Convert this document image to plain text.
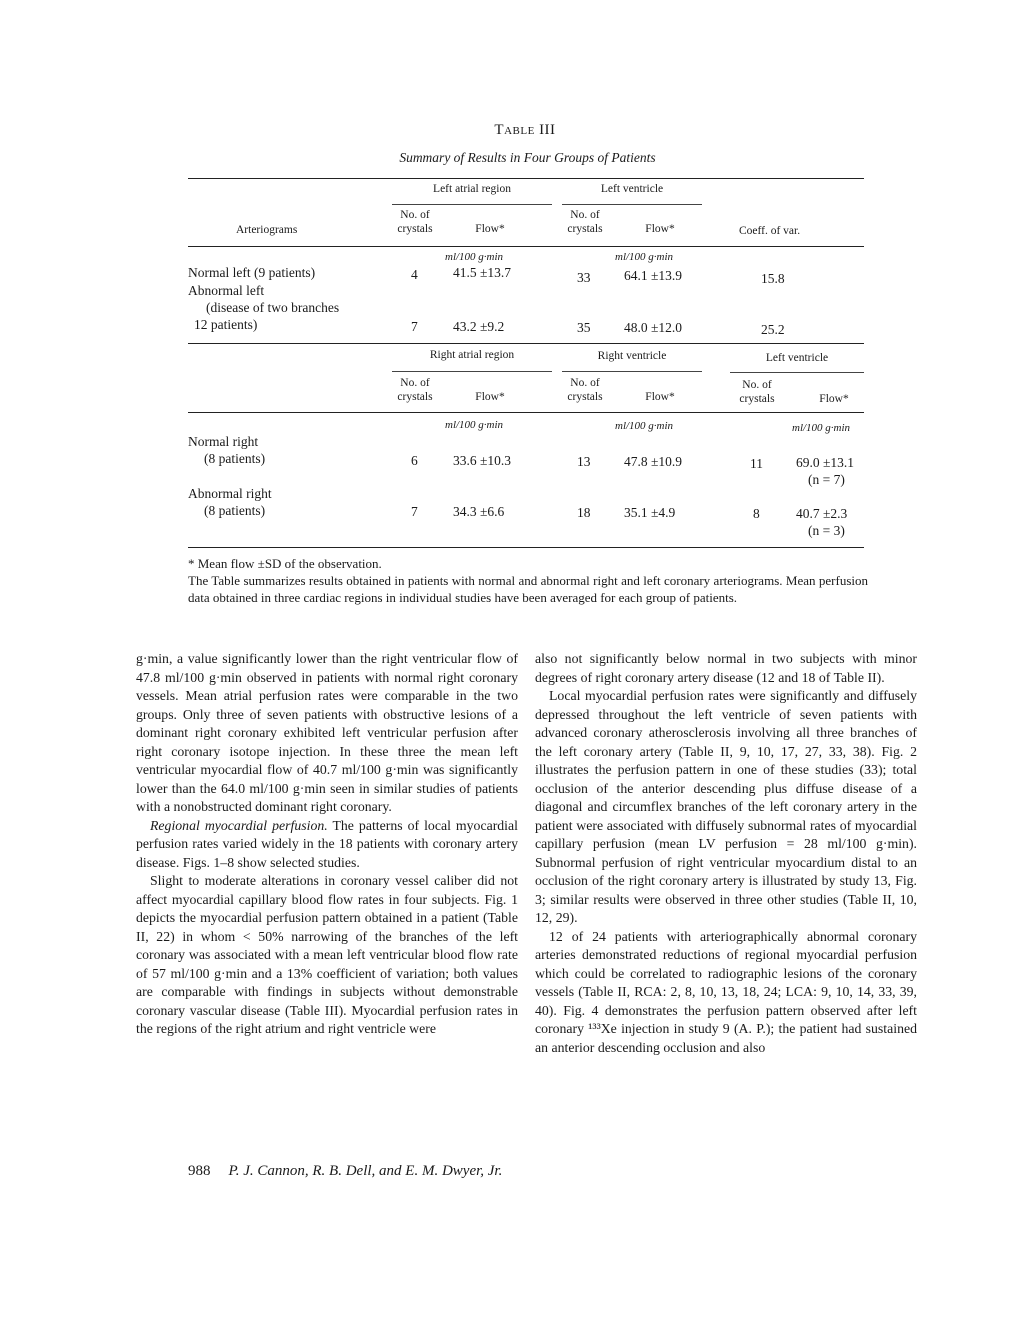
Table III
Summary of Results in Four Groups of Patients
Left atrial region	Left ventricle
Arteriograms
No. of
crystals	Flow*
No. of
crystals	Flow*	Coeff. of var.
ml/100 g·min	ml/100 g·min
Normal left (9 patients)	4	41.5 ±13.7	33 64.1 ±13.9	15.8
Abnormal left
(disease of two branches
12 patients)	7	43.2 ±9.2	35 48.0 ±12.0	25.2
Right atrial region	Right ventricle	Left ventricle
No. of
crystals	Flow*
No. of
crystals	Flow*
No. of
crystals	Flow*
ml/100 g·min	ml/100 g·min	ml/100 g·min
Normal right
(8 patients)	6	33.6 ±10.3	13 47.8 ±10.9	11 69.0 ±13.1
(n = 7)
Abnormal right
(8 patients)	7	34.3 ±6.6	18 35.1 ±4.9	8	40.7 ±2.3
(n = 3)
* Mean flow ±SD of the observation.
The Table summarizes results obtained in patients with normal and abnormal right and left coronary arteriograms. Mean perfusion data obtained in three cardiac regions in individual studies have been averaged for each group of patients.

g·min, a value significantly lower than the right ventricular flow of 47.8 ml/100 g·min observed in patients with normal right coronary vessels. Mean atrial perfusion rates were comparable in the two groups. Only three of seven patients with obstructive lesions of a dominant right coronary exhibited left ventricular perfusion after right coronary isotope injection. In these three the mean left ventricular myocardial flow of 40.7 ml/100 g·min was significantly lower than the 64.0 ml/100 g·min seen in similar studies of patients with a nonobstructed dominant right coronary.

Regional myocardial perfusion. The patterns of local myocardial perfusion rates varied widely in the 18 patients with coronary artery disease. Figs. 1–8 show selected studies.

Slight to moderate alterations in coronary vessel caliber did not affect myocardial capillary blood flow rates in four subjects. Fig. 1 depicts the myocardial perfusion pattern obtained in a patient (Table II, 22) in whom < 50% narrowing of the branches of the left coronary was associated with a mean left ventricular blood flow rate of 57 ml/100 g·min and a 13% coefficient of variation; both values are comparable with findings in subjects without demonstrable coronary vascular disease (Table III). Myocardial perfusion rates in the regions of the right atrium and right ventricle were

also not significantly below normal in two subjects with minor degrees of right coronary artery disease (12 and 18 of Table II).

Local myocardial perfusion rates were significantly and diffusely depressed throughout the left ventricle of seven patients with advanced coronary atherosclerosis involving all three branches of the left coronary artery (Table II, 9, 10, 17, 27, 33, 38). Fig. 2 illustrates the perfusion pattern in one of these studies (33); total occlusion of the anterior descending plus diffuse disease of a diagonal and circumflex branches of the left coronary artery in the patient were associated with diffusely subnormal rates of myocardial capillary perfusion (mean LV perfusion = 28 ml/100 g·min). Subnormal perfusion of right ventricular myocardium distal to an occlusion of the right coronary artery is illustrated by study 13, Fig. 3; similar results were observed in three other studies (Table II, 10, 12, 29).

12 of 24 patients with arteriographically abnormal coronary arteries demonstrated reductions of regional myocardial perfusion which could be correlated to radiographic lesions of the coronary vessels (Table II, RCA: 2, 8, 10, 13, 18, 24; LCA: 9, 10, 14, 33, 39, 40). Fig. 4 demonstrates the perfusion pattern observed after left coronary ¹³³Xe injection in study 9 (A. P.); the patient had sustained an anterior descending occlusion and also

988 P. J. Cannon, R. B. Dell, and E. M. Dwyer, Jr.
